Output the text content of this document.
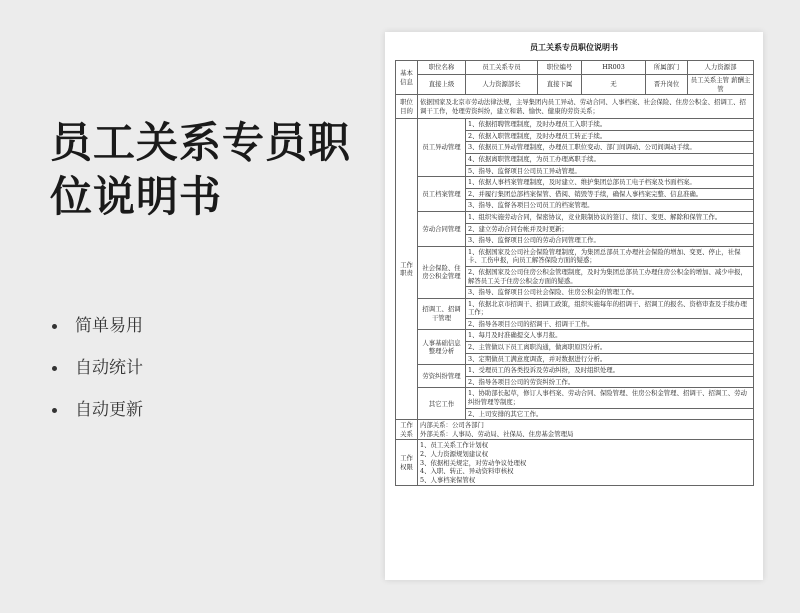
员工关系专员职位说明书
简单易用
自动统计
自动更新
员工关系专员职位说明书
基本信息	职位名称	员工关系专员	职位编号	HR003	所属部门	人力资源部
	直接上级	人力资源部长	直接下属	无	晋升岗位	员工关系主管 薪酬主管
职位目的	依据国家及北京市劳动法律法规，主导集团内员工异动、劳动合同、人事档案、社会保险、住房公积金、招调工、招调干工作，处理劳资纠纷，建立和谐、愉快、健康的劳资关系；					
工作职责	员工异动管理	1、依据招聘管理制度，及时办理员工入职手续。				
		2、依据入职管理制度，及时办理员工转正手续。				
		3、依据员工异动管理制度，办理员工职位变动、部门间调动、公司间调动手续。				
		4、依据离职管理制度，为员工办理离职手续。				
		5、指导、监督项目公司员工异动管理。				
	员工档案管理	1、依据人事档案管理制度，及时建立、维护集团总部员工电子档案及书面档案。				
		2、并履行集团总部档案保管、借阅、销毁等手续，确保人事档案完整、信息准确。				
		3、指导、监督各项目公司员工的档案管理。				
	劳动合同管理	1、组织实施劳动合同，保密协议，竞业限制协议的签订、续订、变更、解除和保管工作。				
		2、建立劳动合同台帐并及时更新；				
		3、指导、监督项目公司的劳动合同管理工作。				
	社会保险、住房公积金管理	1、依据国家及公司社会保险管理制度，为集团总部员工办理社会保险的增加、变更、停止，社保卡、工伤申报，向员工解答保险方面的疑惑；				
		2、依据国家及公司住房公积金管理制度，及时为集团总部员工办理住房公积金的增加、减少申报，解答员工关于住房公积金方面的疑惑。				
		3、指导、监督项目公司社会保险、住房公积金的管理工作。				
	招调工、招调干管理	1、依据北京市招调干、招调工政策，组织实施每年的招调干、招调工的报名、资格审查及手续办理工作；				
		2、指导各项目公司的招调干、招调干工作。				
	人事基础信息整理分析	1、每月及时准确提交人事月报。				
		2、主管做以下员工离职沟通，做离职原因分析。				
		3、定期做员工满意度调查，并对数据进行分析。				
	劳资纠纷管理	1、受理员工的各类投诉及劳动纠纷，及时组织处理。				
		2、指导各项目公司的劳资纠纷工作。				
	其它工作	1、协助部长起草，修订人事档案、劳动合同、保险管理、住房公积金管理、招调干、招调工、劳动纠纷管理等制度；				
		2、上司安排的其它工作。				
工作关系	内部关系：公司各部门
外部关系：人事局、劳动局、社保局、住房基金管理局					

工作权限	1、员工关系工作计划权
2、人力资源规划建议权
3、依据相关规定，对劳动争议处理权
4、入职、转正、异动资料审核权
5、人事档案保管权					
